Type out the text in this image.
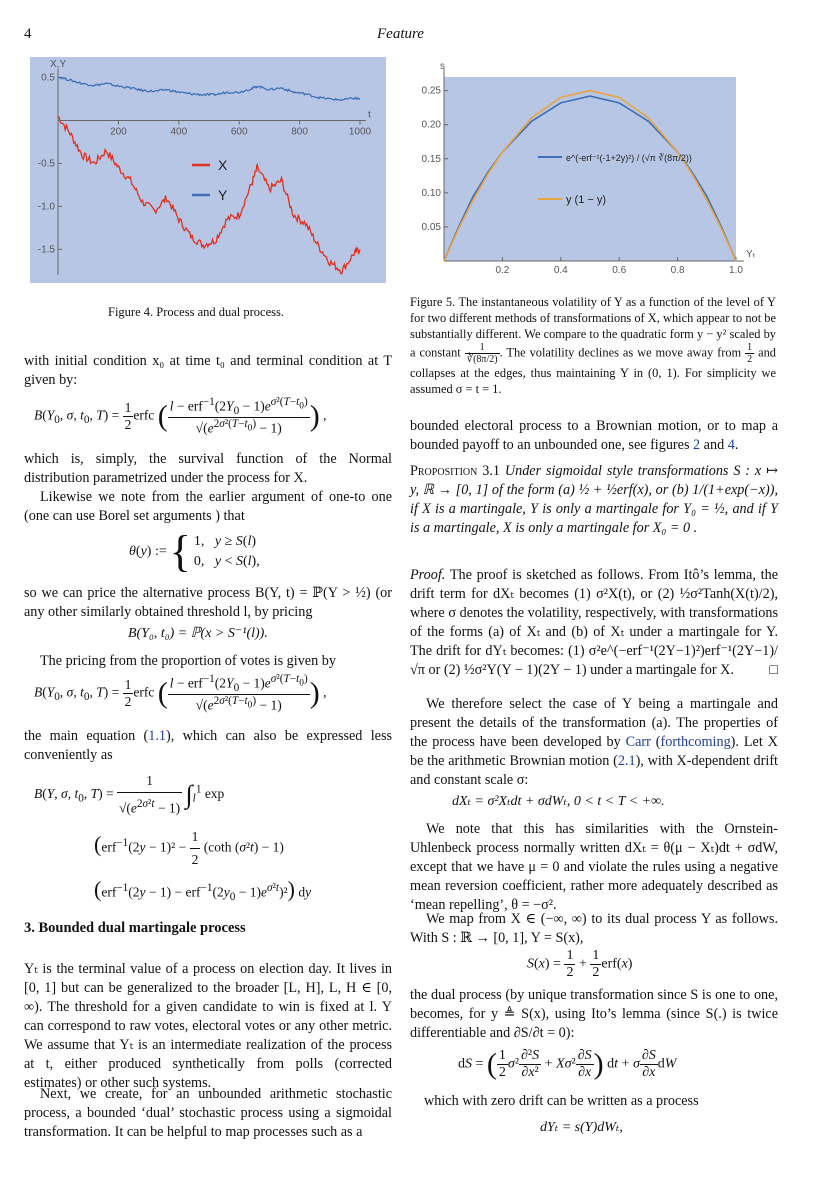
4	Feature
200	400	600	800	1000
0.5
-0.5
-1.0
-1.5
X,Y
t
X
Y
Figure 4. Process and dual process.
0.2	0.4	0.6	0.8	1.0
0.25
0.20
0.15
0.10
0.05
s
Yₜ
e^(-erf⁻¹(-1+2y)²) / (√π ∛(8π/2))
y (1 − y)
Figure 5. The instantaneous volatility of Y as a function of the level of Y for two different methods of transformations of X, which appear to not be substantially different. We compare to the quadratic form y − y² scaled by a constant $\frac{1}{∛(8\pi/2)}$ . The volatility declines as we move away from $\frac{1}{2}$ and collapses at the edges, thus maintaining Y in (0, 1). For simplicity we assumed σ = t = 1.
with initial condition x₀ at time t₀ and terminal condition at T given by:
$B(Y_0$, σ, $t_0$, $T) = \frac{1}{2}$ erfc ( $\frac{l - erf^{-1}(2Y_0 - 1)e^{\sigma^2(T-t_0)}}{√(e^{2\sigma^2(T-t_0)} - 1)}$ ) ,
which is, simply, the survival function of the Normal distribution parametrized under the process for X.
Likewise we note from the earlier argument of one-to one (one can use Borel set arguments ) that
θ(y) :=	{	1,   y ≥ S(l)
0,   y < S(l),
so we can price the alternative process B(Y, t) = ℙ(Y > ½) (or any other similarly obtained threshold l, by pricing
B(Y₀, t₀) = ℙ(x > S⁻¹(l)).
The pricing from the proportion of votes is given by
$B(Y_0$, σ, $t_0$, $T) = \frac{1}{2}$ erfc ( $\frac{l - erf^{-1}(2Y_0 - 1)e^{\sigma^2(T-t_0)}}{√(e^{2\sigma^2(T-t_0)} - 1)}$ ) ,
the main equation (1.1), which can also be expressed less conveniently as
B(Y, σ, $t_0$, $T) = \frac{1}{√(e^{2\sigma^2t} - 1)} \int_l^1$ exp
($erf^{-1}(2y - 1)^2 - \frac{1}{2} (\cot h$ (σ²t) − 1)
$(erf^{-1}(2y - 1) - erf^{-1}(2y_0 - 1)e^{\sigma^2t})^2$) dy
3. Bounded dual martingale process
Yₜ is the terminal value of a process on election day. It lives in [0, 1] but can be generalized to the broader [L, H], L, H ∈ [0, ∞). The threshold for a given candidate to win is fixed at l. Y can correspond to raw votes, electoral votes or any other metric. We assume that Yₜ is an intermediate realization of the process at t, either produced synthetically from polls (corrected estimates) or other such systems.
Next, we create, for an unbounded arithmetic stochastic process, a bounded ‘dual’ stochastic process using a sigmoidal transformation. It can be helpful to map processes such as a
bounded electoral process to a Brownian motion, or to map a bounded payoff to an unbounded one, see figures 2 and 4.
Proposition 3.1 Under sigmoidal style transformations S : x ↦ y, ℝ → [0, 1] of the form (a) ½ + ½erf(x), or (b) 1/(1+exp(−x)), if X is a martingale, Y is only a martingale for Y₀ = ½, and if Y is a martingale, X is only a martingale for X₀ = 0 .
Proof. The proof is sketched as follows. From Itô’s lemma, the drift term for dXₜ becomes (1) σ²X(t), or (2) ½σ²Tanh(X(t)/2), where σ denotes the volatility, respectively, with transformations of the forms (a) of Xₜ and (b) of Xₜ under a martingale for Y. The drift for dYₜ becomes: (1) σ²e^(−erf⁻¹(2Y−1)²)erf⁻¹(2Y−1)/√π or (2) ½σ²Y(Y − 1)(2Y − 1) under a martingale for X.	□
We therefore select the case of Y being a martingale and present the details of the transformation (a). The properties of the process have been developed by Carr (forthcoming). Let X be the arithmetic Brownian motion (2.1), with X-dependent drift and constant scale σ:
dXₜ = σ²Xₜdt + σdWₜ, 0 < t < T < +∞.
We note that this has similarities with the Ornstein-Uhlenbeck process normally written dXₜ = θ(μ − Xₜ)dt + σdW, except that we have μ = 0 and violate the rules using a negative mean reversion coefficient, rather more adequately described as ‘mean repelling’, θ = −σ².
We map from X ∈ (−∞, ∞) to its dual process Y as follows. With S : ℝ → [0, 1], Y = S(x),
$S(x) = \frac{1}{2} + \frac{1}{2} erf(x)$
the dual process (by unique transformation since S is one to one, becomes, for y ≜ S(x), using Ito’s lemma (since S(.) is twice differentiable and ∂S/∂t = 0):
dS = ( $\frac{1}{2} \sigma^2 \frac{\text{∂²S}}{\text{∂x²}} + X\sigma^2 \frac{\partial S}{\partial x}$ ) dt + σ $\frac{\partial S}{\partial x}$ dW
which with zero drift can be written as a process
dYₜ = s(Y)dWₜ,
